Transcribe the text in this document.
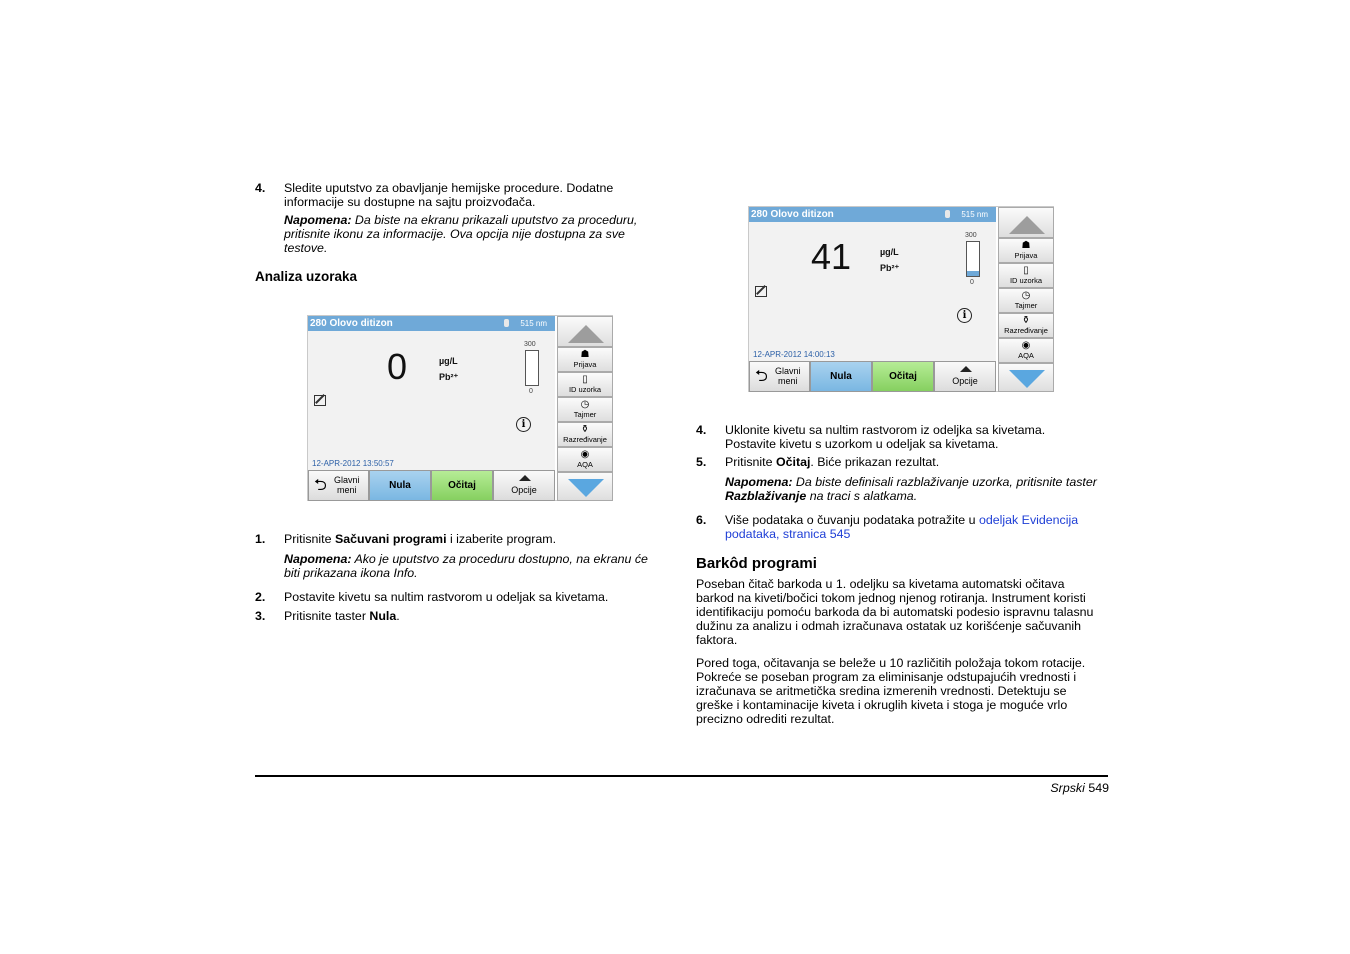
4. Sledite uputstvo za obavljanje hemijske procedure. Dodatne
informacije su dostupne na sajtu proizvođača.
Napomena: Da biste na ekranu prikazali uputstvo za proceduru,
pritisnite ikonu za informacije. Ova opcija nije dostupna za sve
testove.
Analiza uzoraka
280 Olovo ditizon	515 nm
0	µg/L
Pb²⁺
300
0
i
12-APR-2012 13:50:57
⮌ Glavni
meni	Nula	Očitaj	Opcije
☗
Prijava
▯
ID uzorka
◷
Tajmer
⚱
Razređivanje
◉
AQA
1. Pritisnite Sačuvani programi i izaberite program.
Napomena: Ako je uputstvo za proceduru dostupno, na ekranu će
biti prikazana ikona Info.
2. Postavite kivetu sa nultim rastvorom u odeljak sa kivetama.
3. Pritisnite taster Nula.
280 Olovo ditizon	515 nm
41	µg/L
Pb²⁺
300
0
i
12-APR-2012 14:00:13
⮌ Glavni
meni	Nula	Očitaj	Opcije
☗
Prijava
▯
ID uzorka
◷
Tajmer
⚱
Razređivanje
◉
AQA
4. Uklonite kivetu sa nultim rastvorom iz odeljka sa kivetama.
Postavite kivetu s uzorkom u odeljak sa kivetama.
5. Pritisnite Očitaj. Biće prikazan rezultat.
Napomena: Da biste definisali razblaživanje uzorka, pritisnite taster
Razblaživanje na traci s alatkama.
6. Više podataka o čuvanju podataka potražite u odeljak Evidencija
podataka, stranica 545
Barkôd programi
Poseban čitač barkoda u 1. odeljku sa kivetama automatski očitava
barkod na kiveti/bočici tokom jednog njenog rotiranja. Instrument koristi
identifikaciju pomoću barkoda da bi automatski podesio ispravnu talasnu
dužinu za analizu i odmah izračunava ostatak uz korišćenje sačuvanih
faktora.
Pored toga, očitavanja se beleže u 10 različitih položaja tokom rotacije.
Pokreće se poseban program za eliminisanje odstupajućih vrednosti i
izračunava se aritmetička sredina izmerenih vrednosti. Detektuju se
greške i kontaminacije kiveta i okruglih kiveta i stoga je moguće vrlo
precizno odrediti rezultat.
Srpski 549
